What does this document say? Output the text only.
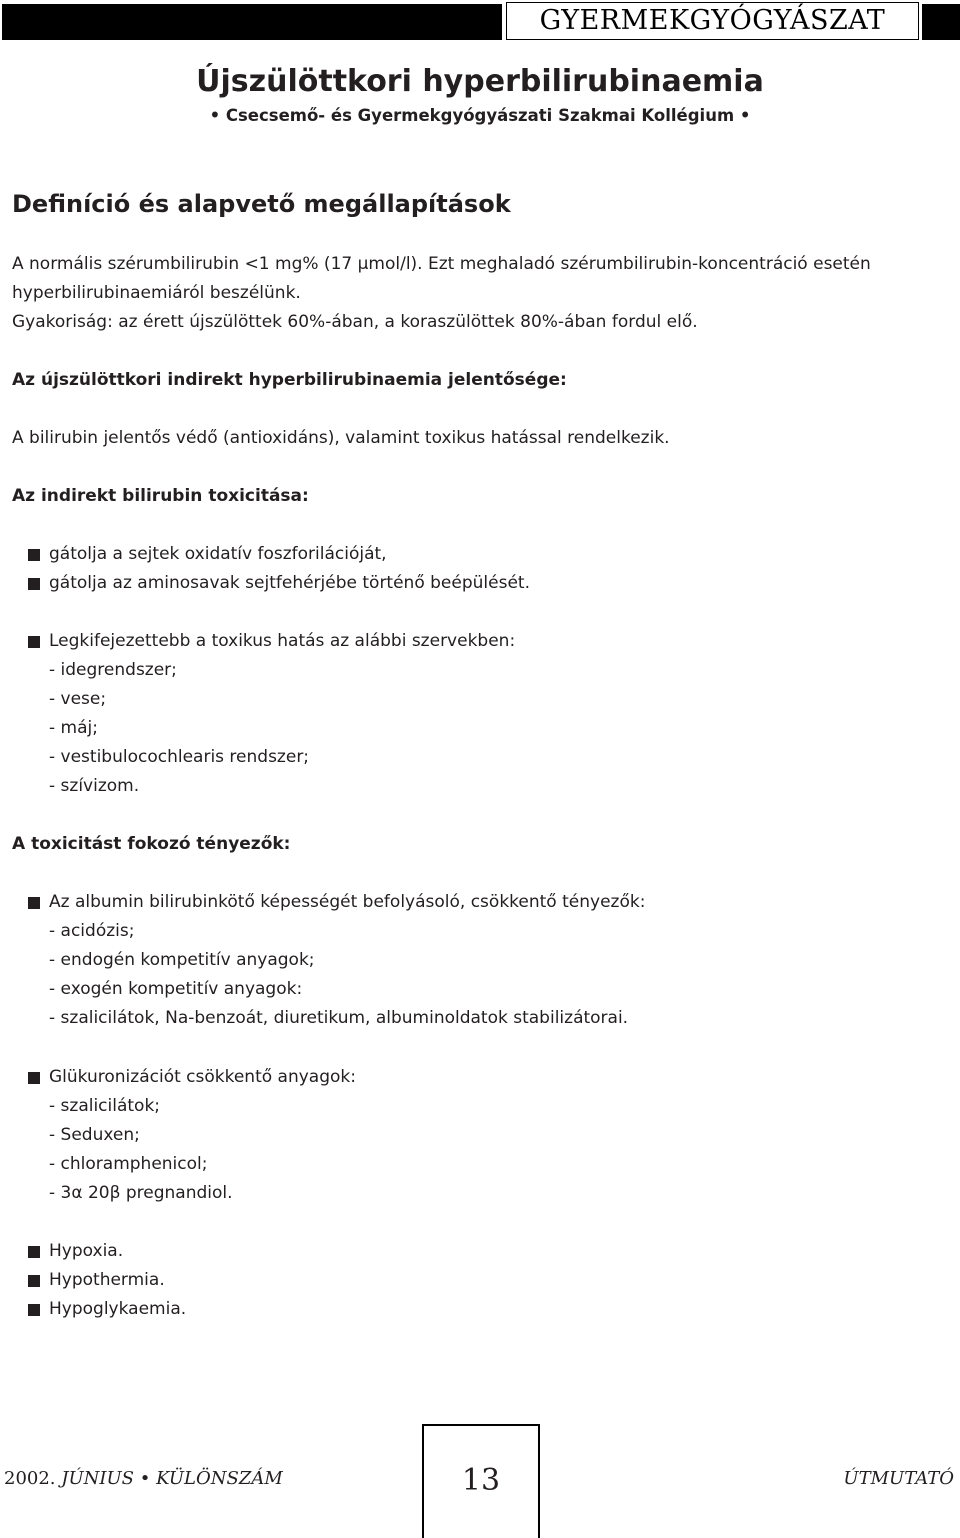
GYERMEKGYÓGYÁSZAT
Újszülöttkori hyperbilirubinaemia

• Csecsemő- és Gyermekgyógyászati Szakmai Kollégium •

Definíció és alapvető megállapítások
A normális szérumbilirubin <1 mg% (17 µmol/l). Ezt meghaladó szérumbilirubin-koncentráció esetén
hyperbilirubinaemiáról beszélünk.
Gyakoriság: az érett újszülöttek 60%-ában, a koraszülöttek 80%-ában fordul elő.
Az újszülöttkori indirekt hyperbilirubinaemia jelentősége:
A bilirubin jelentős védő (antioxidáns), valamint toxikus hatással rendelkezik.
Az indirekt bilirubin toxicitása:
gátolja a sejtek oxidatív foszforilációját,
gátolja az aminosavak sejtfehérjébe történő beépülését.
Legkifejezettebb a toxikus hatás az alábbi szervekben:
- idegrendszer;
- vese;
- máj;
- vestibulocochlearis rendszer;
- szívizom.
A toxicitást fokozó tényezők:
Az albumin bilirubinkötő képességét befolyásoló, csökkentő tényezők:
- acidózis;
- endogén kompetitív anyagok;
- exogén kompetitív anyagok:
- szalicilátok, Na-benzoát, diuretikum, albuminoldatok stabilizátorai.
Glükuronizációt csökkentő anyagok:
- szalicilátok;
- Seduxen;
- chloramphenicol;
- 3α 20β pregnandiol.
Hypoxia.
Hypothermia.
Hypoglykaemia.
2002. JÚNIUS • KÜLÖNSZÁM	13	ÚTMUTATÓ
